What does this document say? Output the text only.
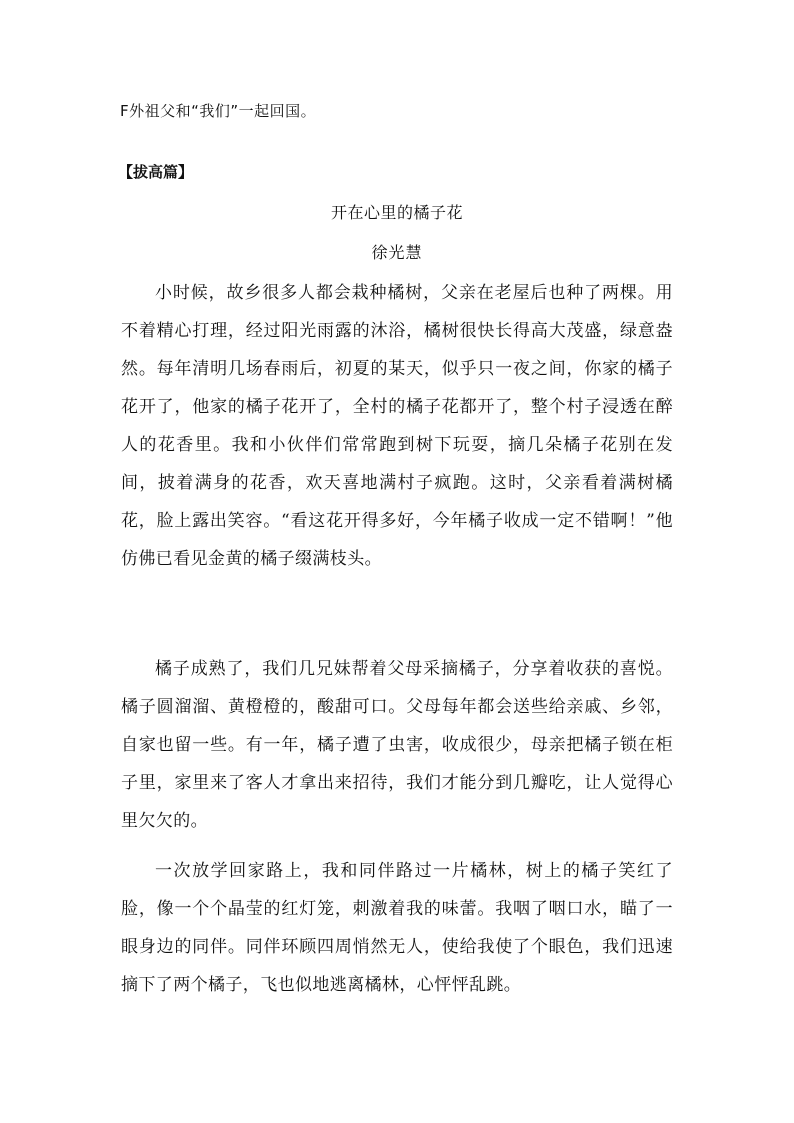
F外祖父和“我们”一起回国。
【拔高篇】
开在心里的橘子花
徐光慧

小时候，故乡很多人都会栽种橘树，父亲在老屋后也种了两棵。用不着精心打理，经过阳光雨露的沐浴，橘树很快长得高大茂盛，绿意盎然。每年清明几场春雨后，初夏的某天，似乎只一夜之间，你家的橘子花开了，他家的橘子花开了，全村的橘子花都开了，整个村子浸透在醉人的花香里。我和小伙伴们常常跑到树下玩耍，摘几朵橘子花别在发间，披着满身的花香，欢天喜地满村子疯跑。这时，父亲看着满树橘花，脸上露出笑容。“看这花开得多好，今年橘子收成一定不错啊！”他仿佛已看见金黄的橘子缀满枝头。

橘子成熟了，我们几兄妹帮着父母采摘橘子，分享着收获的喜悦。橘子圆溜溜、黄橙橙的，酸甜可口。父母每年都会送些给亲戚、乡邻，自家也留一些。有一年，橘子遭了虫害，收成很少，母亲把橘子锁在柜子里，家里来了客人才拿出来招待，我们才能分到几瓣吃，让人觉得心里欠欠的。

一次放学回家路上，我和同伴路过一片橘林，树上的橘子笑红了脸，像一个个晶莹的红灯笼，刺激着我的味蕾。我咽了咽口水，瞄了一眼身边的同伴。同伴环顾四周悄然无人，使给我使了个眼色，我们迅速摘下了两个橘子，飞也似地逃离橘林，心怦怦乱跳。
